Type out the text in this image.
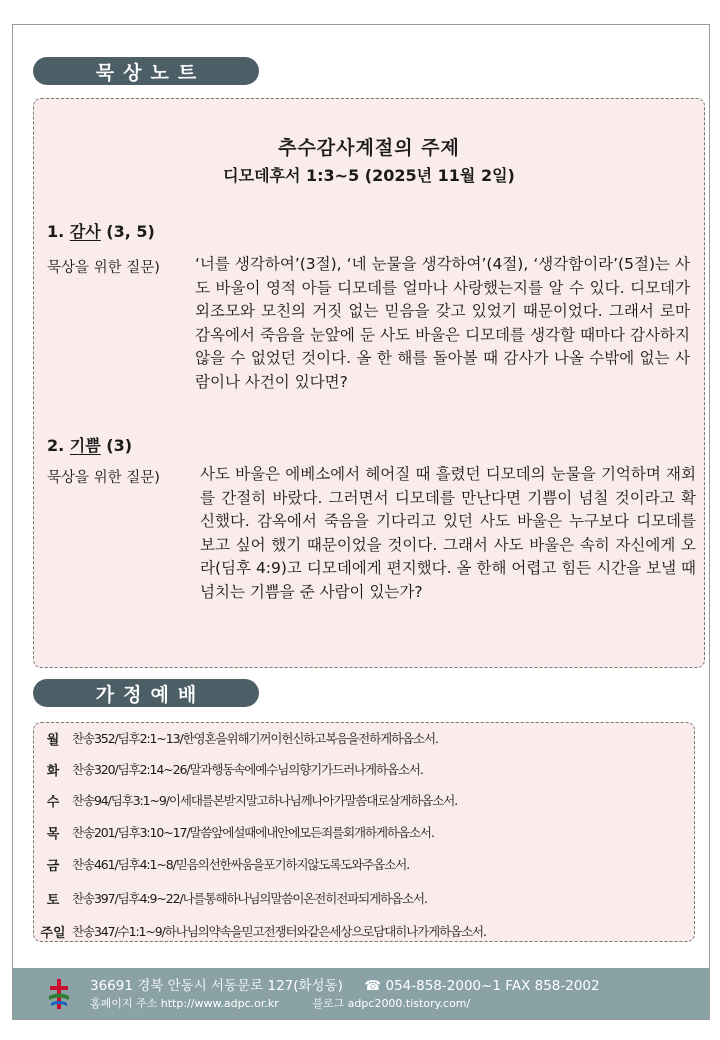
묵상노트
추수감사계절의 주제
디모데후서 1:3~5 (2025년 11월 2일)
1. 감사 (3, 5)
묵상을 위한 질문) ‘너를 생각하여’(3절), ‘네 눈물을 생각하여’(4절), ‘생각함이라’(5절)는 사도 바울이 영적 아들 디모데를 얼마나 사랑했는지를 알 수 있다. 디모데가 외조모와 모친의 거짓 없는 믿음을 갖고 있었기 때문이었다. 그래서 로마 감옥에서 죽음을 눈앞에 둔 사도 바울은 디모데를 생각할 때마다 감사하지 않을 수 없었던 것이다. 올 한 해를 돌아볼 때 감사가 나올 수밖에 없는 사람이나 사건이 있다면?
2. 기쁨 (3)
묵상을 위한 질문)	사도 바울은 에베소에서 헤어질 때 흘렸던 디모데의 눈물을 기억하며 재회를 간절히 바랐다. 그러면서 디모데를 만난다면 기쁨이 넘칠 것이라고 확신했다. 감옥에서 죽음을 기다리고 있던 사도 바울은 누구보다 디모데를 보고 싶어 했기 때문이었을 것이다. 그래서 사도 바울은 속히 자신에게 오라(딤후 4:9)고 디모데에게 편지했다. 올 한해 어렵고 힘든 시간을 보낼 때 넘치는 기쁨을 준 사람이 있는가?
가정예배
월	찬송352/딤후2:1~13/한영혼을위해기꺼이헌신하고복음을전하게하옵소서.
화	찬송320/딤후2:14~26/말과행동속에예수님의향기가드러나게하옵소서.
수	찬송94/딤후3:1~9/이세대를본받지말고하나님께나아가말씀대로살게하옵소서.
목	찬송201/딤후3:10~17/말씀앞에설때에내안에모든죄를회개하게하옵소서.
금	찬송461/딤후4:1~8/믿음의선한싸움을포기하지않도록도와주옵소서.
토	찬송397/딤후4:9~22/나를통해하나님의말씀이온전히전파되게하옵소서.
주일 찬송347/수1:1~9/하나님의약속을믿고전쟁터와같은세상으로담대히나가게하옵소서.
36691 경북 안동시 서동문로 127(화성동) ☎ 054-858-2000~1 FAX 858-2002
홈페이지 주소 http://www.adpc.or.kr	블로그 adpc2000.tistory.com/
